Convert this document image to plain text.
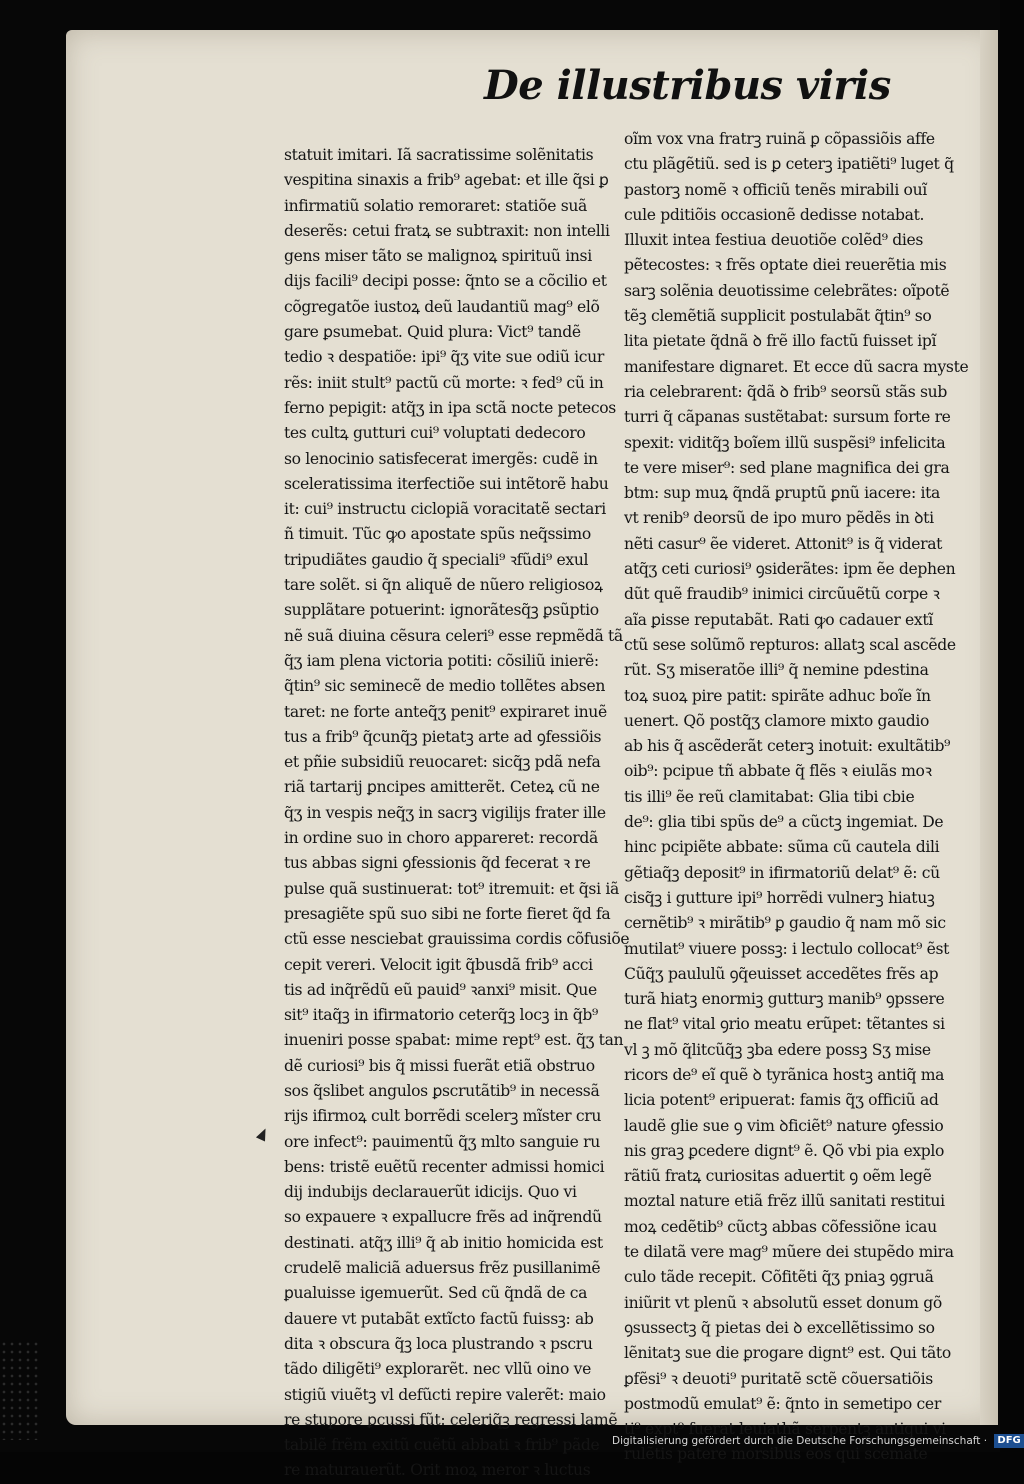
De illustribus viris
statuit imitari. Iã sacratissime solẽnitatis
vespitina sinaxis a frib⁹ agebat: et ille q̃si ꝑ
infirmatiũ solatio remoraret: statiõe suã
deserẽs: cetui fratꝝ se subtraxit: non intelli
gens miser tãto se malignoꝝ spirituũ insi
dijs facili⁹ decipi posse: q̃nto se a cõcilio et
cõgregatõe iustoꝝ deũ laudantiũ mag⁹ elõ
gare ꝑsumebat. Quid plura: Vict⁹ tandẽ
tedio ꝛ despatiõe: ipi⁹ q̃ʒ vite sue odiũ icur
rẽs: iniit stult⁹ pactũ cũ morte: ꝛ fed⁹ cũ in
ferno pepigit: atq̃ʒ in ipa sctã nocte petecos
tes cultꝝ gutturi cui⁹ voluptati dedecoro
so lenocinio satisfecerat imergẽs: cudẽ in
sceleratissima iterfectiõe sui intẽtorẽ habu
it: cui⁹ instructu ciclopiã voracitatẽ sectari
ñ timuit. Tũc ꝙo apostate spũs neq̃ssimo
tripudiãtes gaudio q̃ speciali⁹ ꝛfũdi⁹ exul
tare solẽt. si q̃n aliquẽ de nũero religiosoꝝ
supplãtare potuerint: ignorãtesq̃ꝫ ꝑsũptio
nẽ suã diuina cẽsura celeri⁹ esse repmẽdã tã
q̃ʒ iam plena victoria potiti: cõsiliũ inierẽ:
q̃tin⁹ sic seminecẽ de medio tollẽtes absen
taret: ne forte anteq̃ʒ penit⁹ expiraret inuẽ
tus a frib⁹ q̃cunq̃ꝫ pietatꝫ arte ad ꝯfessiõis
et pñie subsidiũ reuocaret: sicq̃ꝫ pdã nefa
riã tartarij ꝑncipes amitterẽt. Ceteꝝ cũ ne
q̃ʒ in vespis neq̃ʒ in sacrꝫ vigilijs frater ille
in ordine suo in choro appareret: recordã
tus abbas signi ꝯfessionis q̃d fecerat ꝛ re
pulse quã sustinuerat: tot⁹ itremuit: et q̃si iã
presagiẽte spũ suo sibi ne forte fieret q̃d fa
ctũ esse nesciebat grauissima cordis cõfusiõe
cepit vereri. Velocit igit q̃busdã frib⁹ acci
tis ad inq̃rẽdũ eũ pauid⁹ ꝛanxi⁹ misit. Que
sit⁹ itaq̃ꝫ in ifirmatorio ceterq̃ꝫ locꝫ in q̃b⁹
inueniri posse spabat: mime rept⁹ est. q̃ʒ tan
dẽ curiosi⁹ bis q̃ missi fuerãt etiã obstruo
sos q̃slibet angulos ꝑscrutãtib⁹ in necessã
rijs ifirmoꝝ cult borrẽdi scelerꝫ mĩster cru
ore infect⁹: pauimentũ q̃ʒ mlto sanguie ru
bens: tristẽ euẽtũ recenter admissi homici
dij indubijs declarauerũt idicijs. Quo vi
so expauere ꝛ expallucre frẽs ad inq̃rendũ
destinati. atq̃ʒ illi⁹ q̃ ab initio homicida est
crudelẽ maliciã aduersus frẽz pusillanimẽ
ꝑualuisse igemuerũt. Sed cũ q̃ndã de ca
dauere vt putabãt extĩcto factũ fuissꝫ: ab
dita ꝛ obscura q̃ꝫ loca plustrando ꝛ pscru
tãdo diligẽti⁹ explorarẽt. nec vllũ oino ve
stigiũ viuẽtꝫ vl defũcti repire valerẽt: maio
re stupore ꝑcussi fũt: celeriq̃ꝫ regressi lamẽ
tabilẽ frẽm exitũ cuẽtũ abbati ꝛ frib⁹ pãde
re maturauerũt. Orit moꝝ meror ꝛ luctus
oĩm vox vna fratrꝫ ruinã ꝑ cõpassiõis affe
ctu plãgẽtiũ. sed is ꝑ ceterꝫ ipatiẽti⁹ luget q̃
pastorꝫ nomẽ ꝛ officiũ tenẽs mirabili ouĩ
cule pditiõis occasionẽ dedisse notabat.
Illuxit intea festiua deuotiõe colẽd⁹ dies
pẽtecostes: ꝛ frẽs optate diei reuerẽtia mis
sarꝫ solẽnia deuotissime celebrãtes: oĩpotẽ
tẽꝫ clemẽtiã supplicit postulabãt q̃tin⁹ so
lita pietate q̃dnã ꝺ frẽ illo factũ fuisset ipĩ
manifestare dignaret. Et ecce dũ sacra myste
ria celebrarent: q̃dã ꝺ frib⁹ seorsũ stãs sub
turri q̃ cãpanas sustẽtabat: sursum forte re
spexit: viditq̃ꝫ boĩem illũ suspẽsi⁹ infelicita
te vere miser⁹: sed plane magnifica dei gra
btm: sup muꝝ q̃ndã ꝑruptũ ꝑnũ iacere: ita
vt renib⁹ deorsũ de ipo muro pẽdẽs in ꝺti
nẽti casur⁹ ẽe videret. Attonit⁹ is q̃ viderat
atq̃ʒ ceti curiosi⁹ ꝯsiderãtes: ipm ẽe dephen
dũt quẽ fraudib⁹ inimici circũuẽtũ corpe ꝛ
aĩa ꝑisse reputabãt. Rati ꝙo cadauer extĩ
ctũ sese solũmõ repturos: allatꝫ scal ascẽde
rũt. Sʒ miseratõe illi⁹ q̃ nemine pdestina
toꝝ suoꝝ pire patit: spirãte adhuc boĩe ĩn
uenert. Qõ postq̃ʒ clamore mixto gaudio
ab his q̃ ascẽderãt ceterꝫ inotuit: exultãtib⁹
oib⁹: pcipue tñ abbate q̃ flẽs ꝛ eiulãs moꝛ
tis illi⁹ ẽe reũ clamitabat: Glia tibi cbie
de⁹: glia tibi spũs de⁹ a cũctꝫ ingemiat. De
hinc pcipiẽte abbate: sũma cũ cautela dili
gẽtiaq̃ꝫ deposit⁹ in ifirmatoriũ delat⁹ ẽ: cũ
cisq̃ꝫ i gutture ipi⁹ horrẽdi vulnerꝫ hiatuꝫ
cernẽtib⁹ ꝛ mirãtib⁹ ꝑ gaudio q̃ nam mõ sic
mutilat⁹ viuere possꝫ: i lectulo collocat⁹ ẽst
Cũq̃ʒ paululũ ꝯq̃euisset accedẽtes frẽs ap
turã hiatꝫ enormiꝫ gutturꝫ manib⁹ ꝯpssere
ne flat⁹ vital ꝯrio meatu erũpet: tẽtantes si
vl ꝫ mõ q̃litcũq̃ꝫ ꝫba edere possꝫ Sʒ mise
ricors de⁹ eĩ quẽ ꝺ tyrãnica hostꝫ antiq̃ ma
licia potent⁹ eripuerat: famis q̃ʒ officiũ ad
laudẽ glie sue ꝯ vim ꝺficiẽt⁹ nature ꝯfessio
nis graꝫ ꝑcedere dignt⁹ ẽ. Qõ vbi pia explo
rãtiũ fratꝝ curiositas aduertit ꝯ oẽm legẽ
moztal nature etiã frẽz illũ sanitati restitui
moꝝ cedẽtib⁹ cũctꝫ abbas cõfessiõne icau
te dilatã vere mag⁹ mũere dei stupẽdo mira
culo tãde recepit. Cõfitẽti q̃ʒ pniaꝫ ꝯgruã
iniũrit vt plenũ ꝛ absolutũ esset donum gõ
ꝯsussectꝫ q̃ pietas dei ꝺ excellẽtissimo so
lẽnitatꝫ sue die ꝑrogare dignt⁹ est. Qui tãto
ꝑfẽsi⁹ ꝛ deuoti⁹ puritatẽ sctẽ cõuersatiõis
postmodũ emulat⁹ ẽ: q̃nto in semetipo cer
ti⁹ expt⁹ fuerat leuiathã serpentꝫ antiqui vi
rulẽtis patere morsibus eos qui scemate
Digitalisierung gefördert durch die Deutsche Forschungsgemeinschaft · DFG
